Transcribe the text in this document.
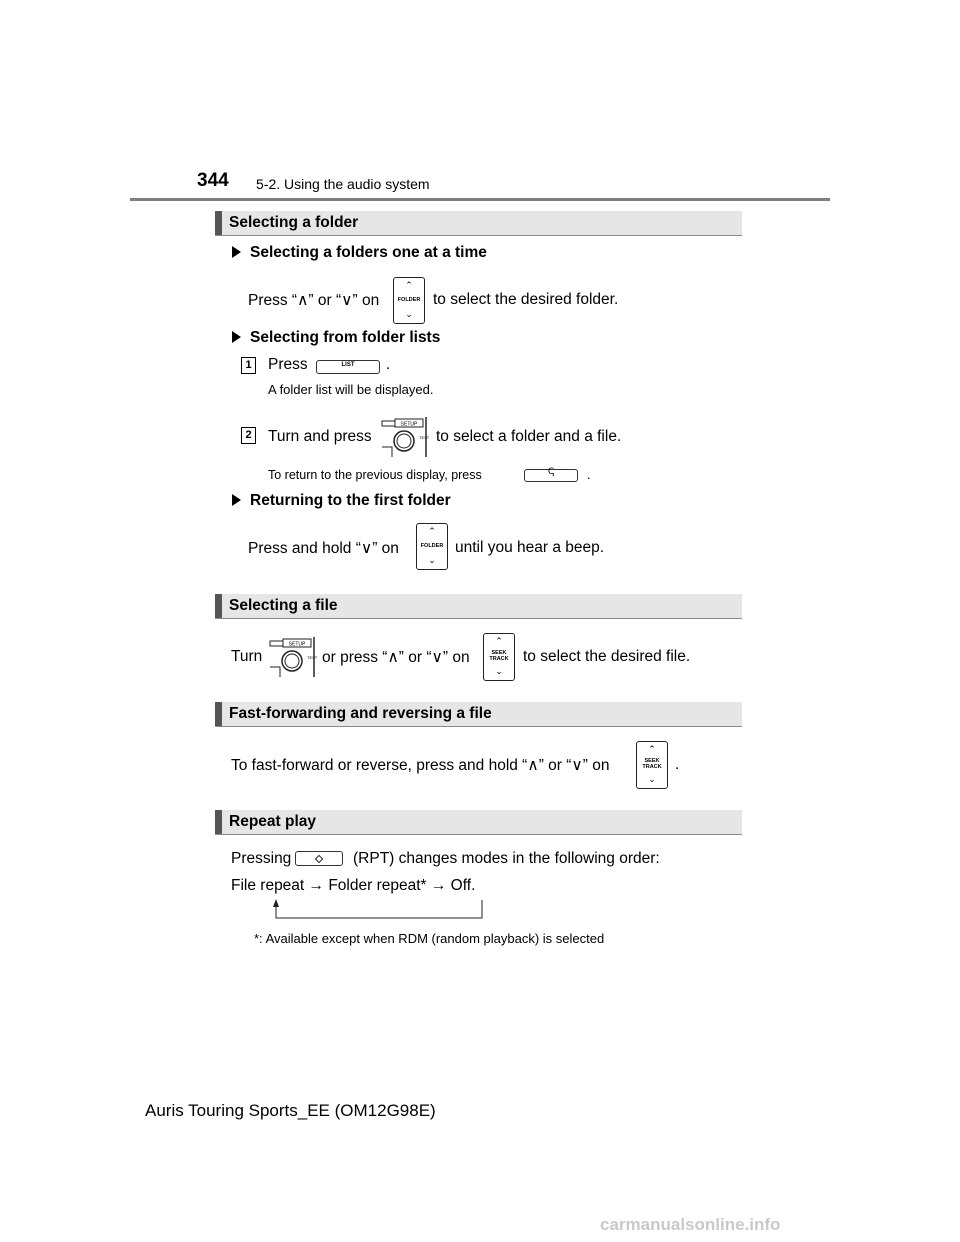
344 5-2. Using the audio system
Selecting a folder
Selecting a folders one at a time
Press “∧” or “∨” on
⌃
FOLDER
⌄
to select the desired folder.
Selecting from folder lists
1 Press	LIST	.
A folder list will be displayed.
2 Turn and press
SETUP
TEXT to select a folder and a file.
To return to the previous display, press	ↅ	.
Returning to the first folder
Press and hold “∨” on
⌃
FOLDER
⌄
until you hear a beep.
Selecting a file
Turn
SETUP
TEXT or press “∧” or “∨” on
⌃
SEEK
TRACK
⌄
to select the desired file.
Fast-forwarding and reversing a file
To fast-forward or reverse, press and hold “∧” or “∨” on
⌃
SEEK
TRACK
⌄
.
Repeat play
Pressing	(RPT) changes modes in the following order:
File repeat → Folder repeat* → Off.
*: Available except when RDM (random playback) is selected
Auris Touring Sports_EE (OM12G98E)
carmanualsonline.info
